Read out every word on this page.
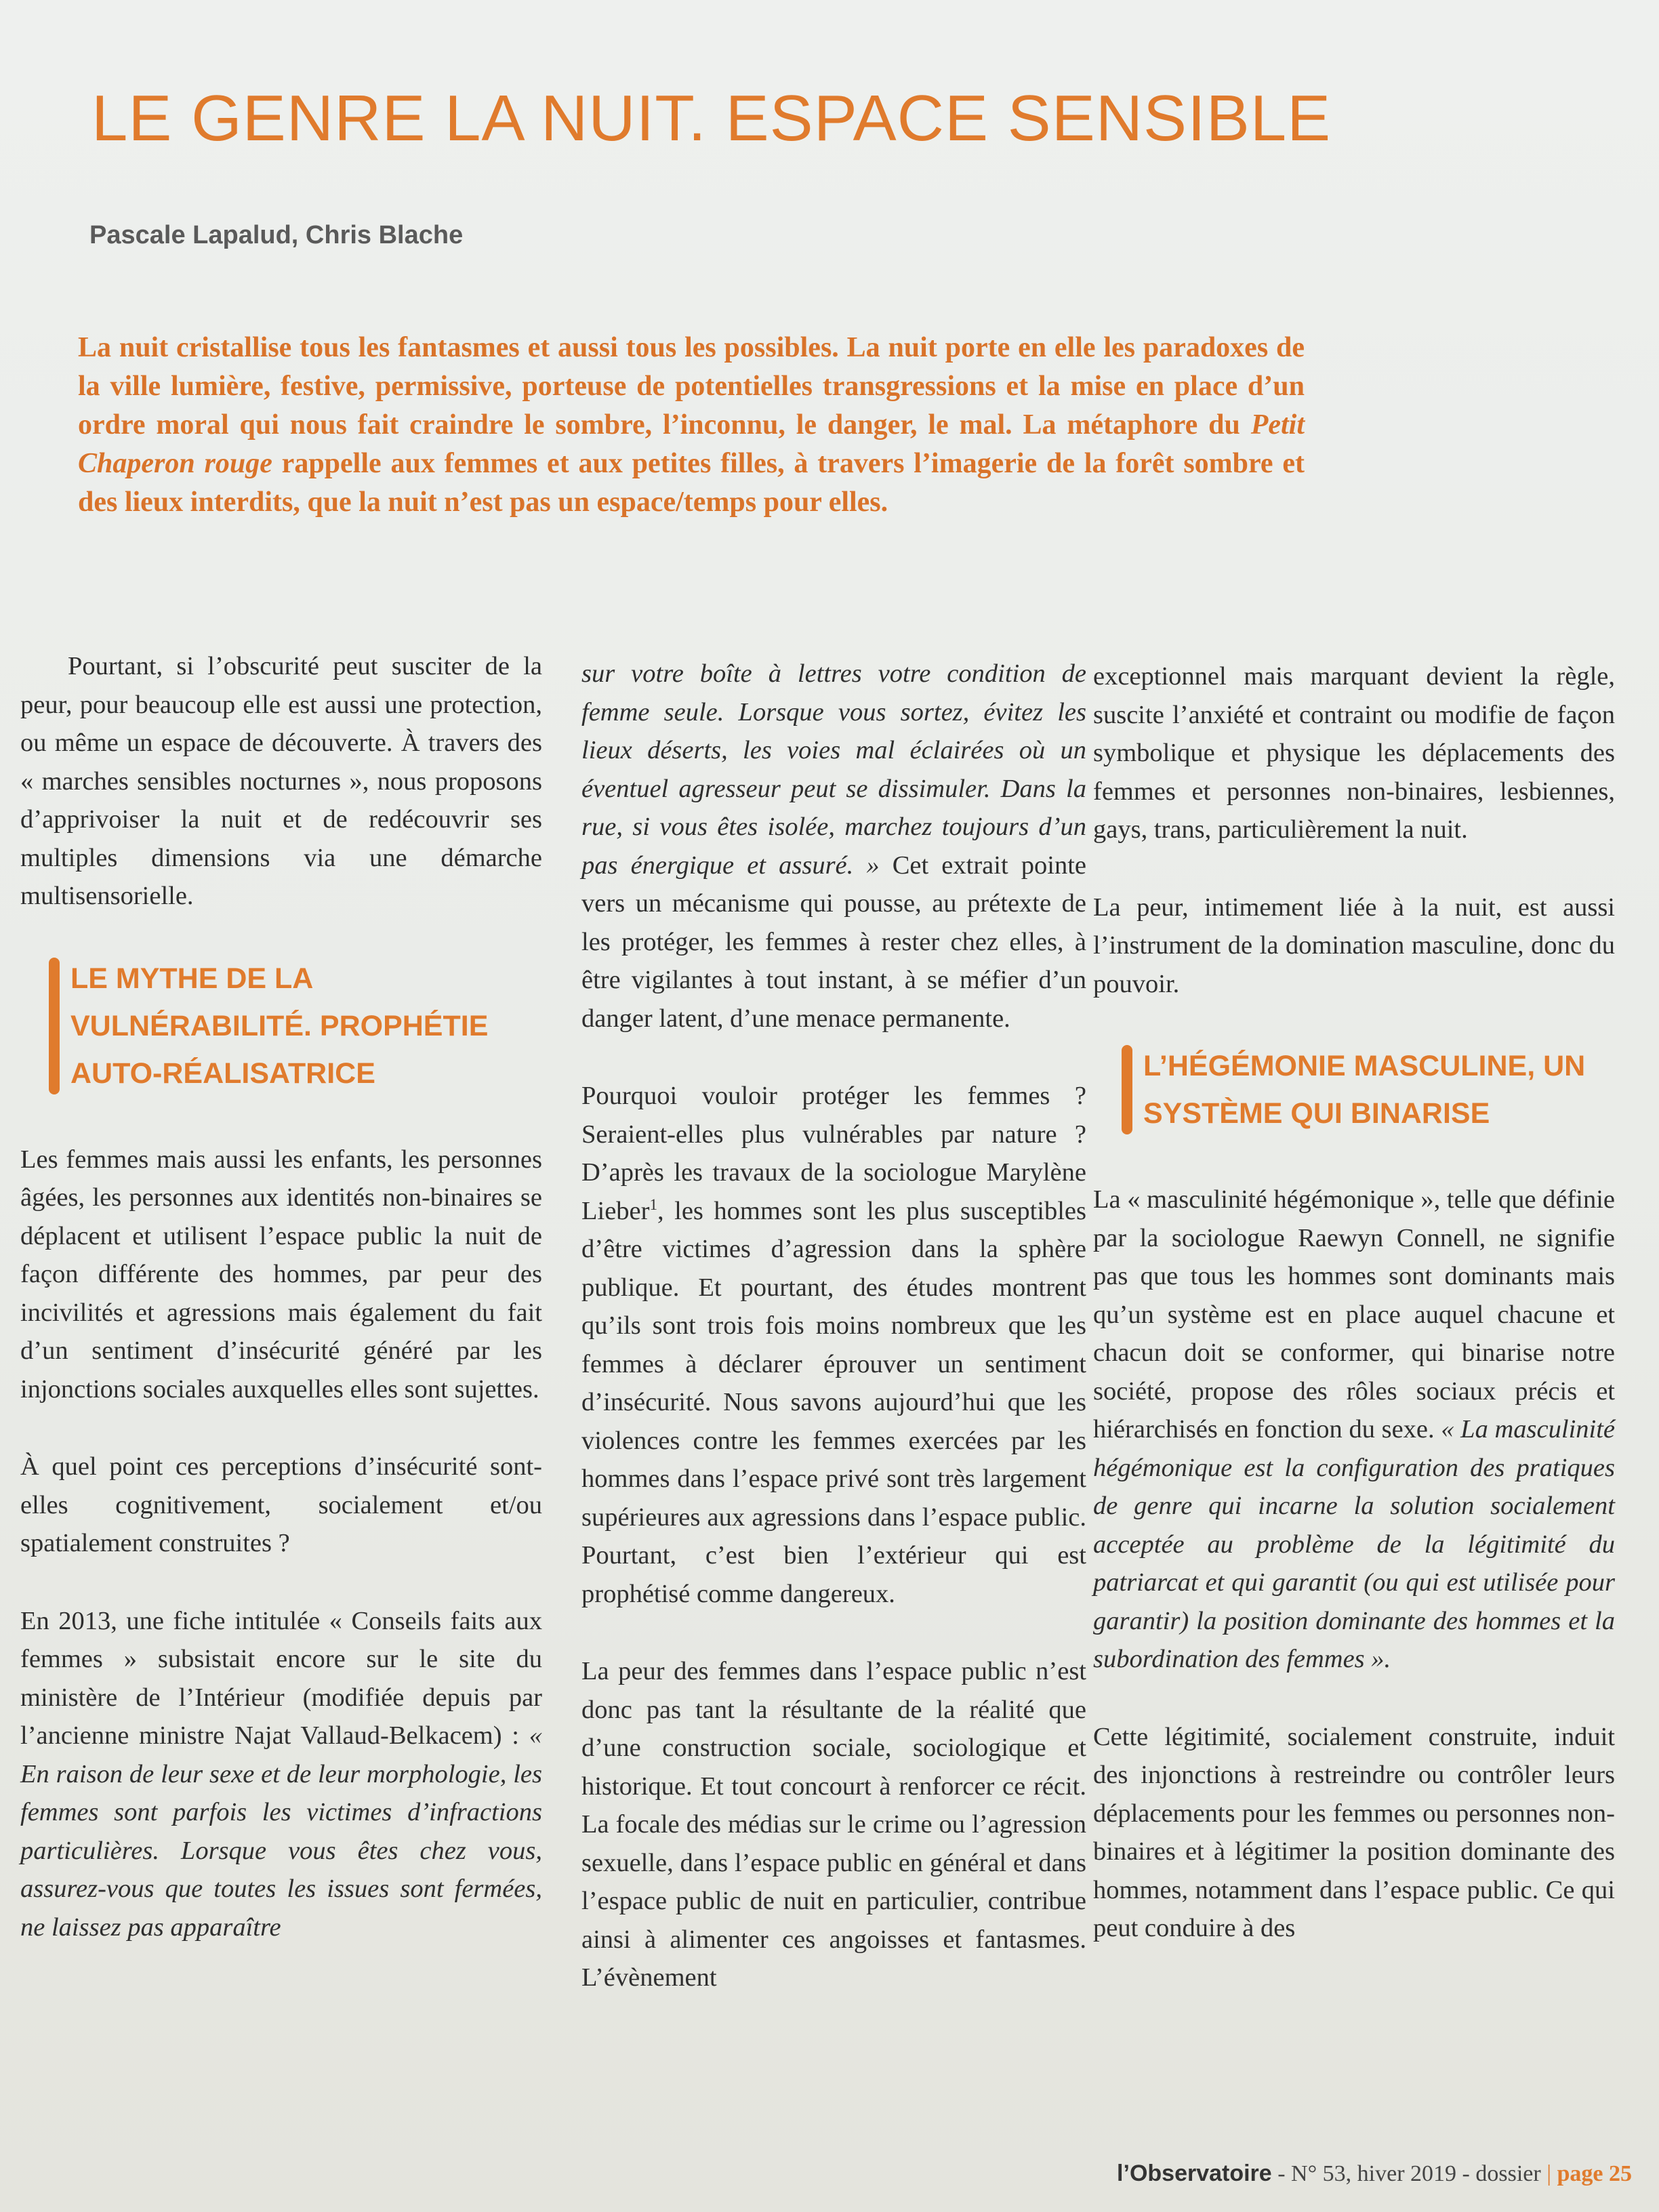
LE GENRE LA NUIT. ESPACE SENSIBLE
Pascale Lapalud, Chris Blache
La nuit cristallise tous les fantasmes et aussi tous les possibles. La nuit porte en elle les paradoxes de la ville lumière, festive, permissive, porteuse de potentielles transgressions et la mise en place d’un ordre moral qui nous fait craindre le sombre, l’inconnu, le danger, le mal. La métaphore du Petit Chaperon rouge rappelle aux femmes et aux petites filles, à travers l’imagerie de la forêt sombre et des lieux interdits, que la nuit n’est pas un espace/temps pour elles.

Pourtant, si l’obscurité peut susciter de la peur, pour beaucoup elle est aussi une protection, ou même un espace de découverte. À travers des « marches sensibles nocturnes », nous proposons d’apprivoiser la nuit et de redécouvrir ses multiples dimensions via une démarche multisensorielle.

LE MYTHE DE LA VULNÉRABILITÉ. PROPHÉTIE AUTO-RÉALISATRICE

Les femmes mais aussi les enfants, les personnes âgées, les personnes aux identités non-binaires se déplacent et utilisent l’espace public la nuit de façon différente des hommes, par peur des incivilités et agressions mais également du fait d’un sentiment d’insécurité généré par les injonctions sociales auxquelles elles sont sujettes.

À quel point ces perceptions d’insécurité sont-elles cognitivement, socialement et/ou spatialement construites ?

En 2013, une fiche intitulée « Conseils faits aux femmes » subsistait encore sur le site du ministère de l’Intérieur (modifiée depuis par l’ancienne ministre Najat Vallaud-Belkacem) : « En raison de leur sexe et de leur morphologie, les femmes sont parfois les victimes d’infractions particulières. Lorsque vous êtes chez vous, assurez-vous que toutes les issues sont fermées, ne laissez pas apparaître

sur votre boîte à lettres votre condition de femme seule. Lorsque vous sortez, évitez les lieux déserts, les voies mal éclairées où un éventuel agresseur peut se dissimuler. Dans la rue, si vous êtes isolée, marchez toujours d’un pas énergique et assuré. » Cet extrait pointe vers un mécanisme qui pousse, au prétexte de les protéger, les femmes à rester chez elles, à être vigilantes à tout instant, à se méfier d’un danger latent, d’une menace permanente.

Pourquoi vouloir protéger les femmes ? Seraient-elles plus vulnérables par nature ? D’après les travaux de la sociologue Marylène Lieber$^1$, les hommes sont les plus susceptibles d’être victimes d’agression dans la sphère publique. Et pourtant, des études montrent qu’ils sont trois fois moins nombreux que les femmes à déclarer éprouver un sentiment d’insécurité. Nous savons aujourd’hui que les violences contre les femmes exercées par les hommes dans l’espace privé sont très largement supérieures aux agressions dans l’espace public. Pourtant, c’est bien l’extérieur qui est prophétisé comme dangereux.

La peur des femmes dans l’espace public n’est donc pas tant la résultante de la réalité que d’une construction sociale, sociologique et historique. Et tout concourt à renforcer ce récit. La focale des médias sur le crime ou l’agression sexuelle, dans l’espace public en général et dans l’espace public de nuit en particulier, contribue ainsi à alimenter ces angoisses et fantasmes. L’évènement

exceptionnel mais marquant devient la règle, suscite l’anxiété et contraint ou modifie de façon symbolique et physique les déplacements des femmes et personnes non-binaires, lesbiennes, gays, trans, particulièrement la nuit.

La peur, intimement liée à la nuit, est aussi l’instrument de la domination masculine, donc du pouvoir.

L’HÉGÉMONIE MASCULINE, UN SYSTÈME QUI BINARISE

La « masculinité hégémonique », telle que définie par la sociologue Raewyn Connell, ne signifie pas que tous les hommes sont dominants mais qu’un système est en place auquel chacune et chacun doit se conformer, qui binarise notre société, propose des rôles sociaux précis et hiérarchisés en fonction du sexe. « La masculinité hégémonique est la configuration des pratiques de genre qui incarne la solution socialement acceptée au problème de la légitimité du patriarcat et qui garantit (ou qui est utilisée pour garantir) la position dominante des hommes et la subordination des femmes ».

Cette légitimité, socialement construite, induit des injonctions à restreindre ou contrôler leurs déplacements pour les femmes ou personnes non-binaires et à légitimer la position dominante des hommes, notamment dans l’espace public. Ce qui peut conduire à des

l’Observatoire - N° 53, hiver 2019 - dossier | page 25
